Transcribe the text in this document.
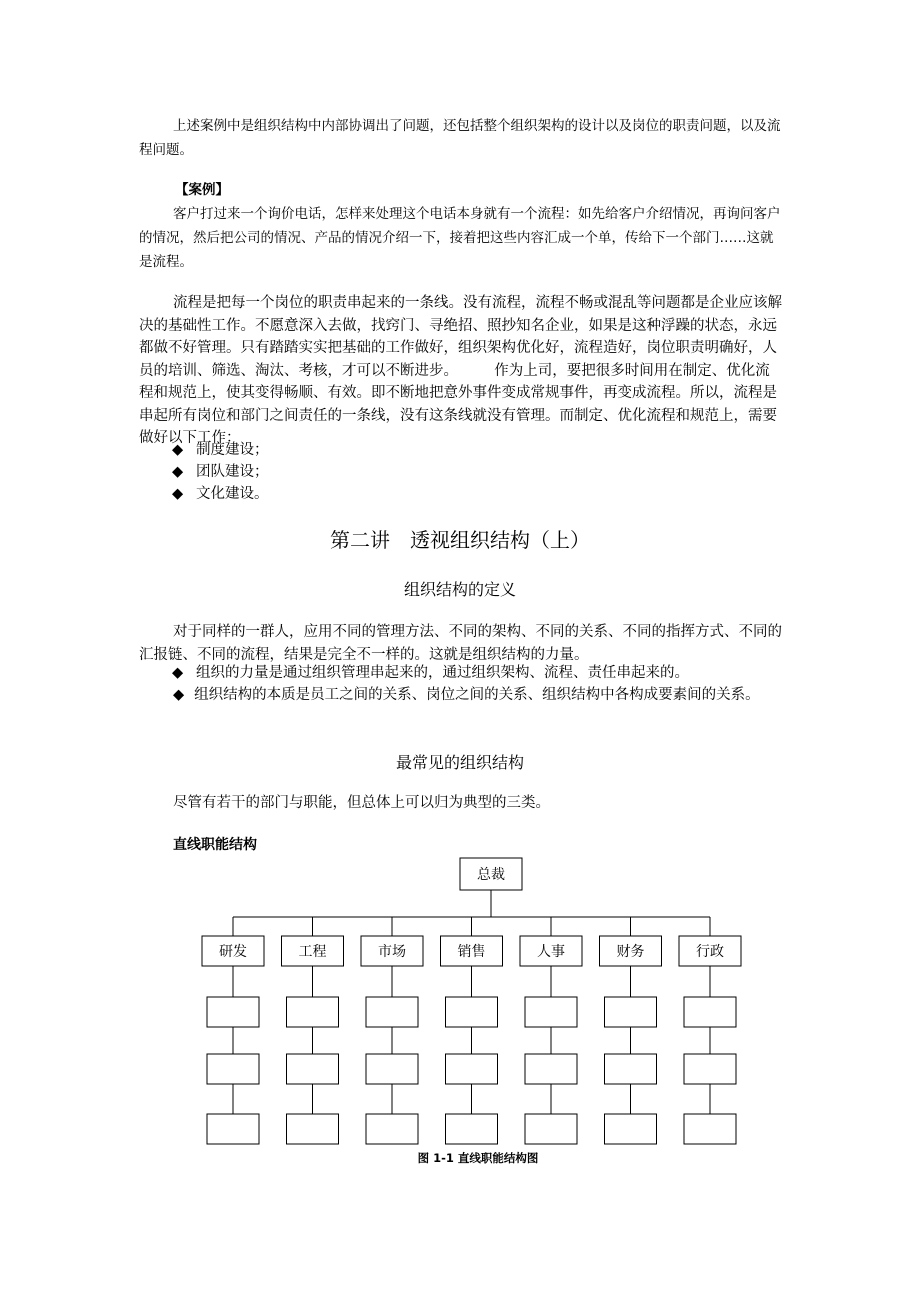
上述案例中是组织结构中内部协调出了问题，还包括整个组织架构的设计以及岗位的职责问题，以及流程问题。

【案例】

客户打过来一个询价电话，怎样来处理这个电话本身就有一个流程：如先给客户介绍情况，再询问客户的情况，然后把公司的情况、产品的情况介绍一下，接着把这些内容汇成一个单，传给下一个部门……这就是流程。

流程是把每一个岗位的职责串起来的一条线。没有流程，流程不畅或混乱等问题都是企业应该解决的基础性工作。不愿意深入去做，找窍门、寻绝招、照抄知名企业，如果是这种浮躁的状态，永远都做不好管理。只有踏踏实实把基础的工作做好，组织架构优化好，流程造好，岗位职责明确好，人员的培训、筛选、淘汰、考核，才可以不断进步。　　　作为上司，要把很多时间用在制定、优化流程和规范上，使其变得畅顺、有效。即不断地把意外事件变成常规事件，再变成流程。所以，流程是串起所有岗位和部门之间责任的一条线，没有这条线就没有管理。而制定、优化流程和规范上，需要做好以下工作：

◆ 制度建设；
◆ 团队建设；
◆ 文化建设。
第二讲　透视组织结构（上）
组织结构的定义

对于同样的一群人，应用不同的管理方法、不同的架构、不同的关系、不同的指挥方式、不同的汇报链、不同的流程，结果是完全不一样的。这就是组织结构的力量。

◆ 组织的力量是通过组织管理串起来的，通过组织架构、流程、责任串起来的。

◆ 组织结构的本质是员工之间的关系、岗位之间的关系、组织结构中各构成要素间的关系。

最常见的组织结构

尽管有若干的部门与职能，但总体上可以归为典型的三类。

直线职能结构
总裁
研发	工程	市场	销售	人事	财务	行政
图 1-1 直线职能结构图
